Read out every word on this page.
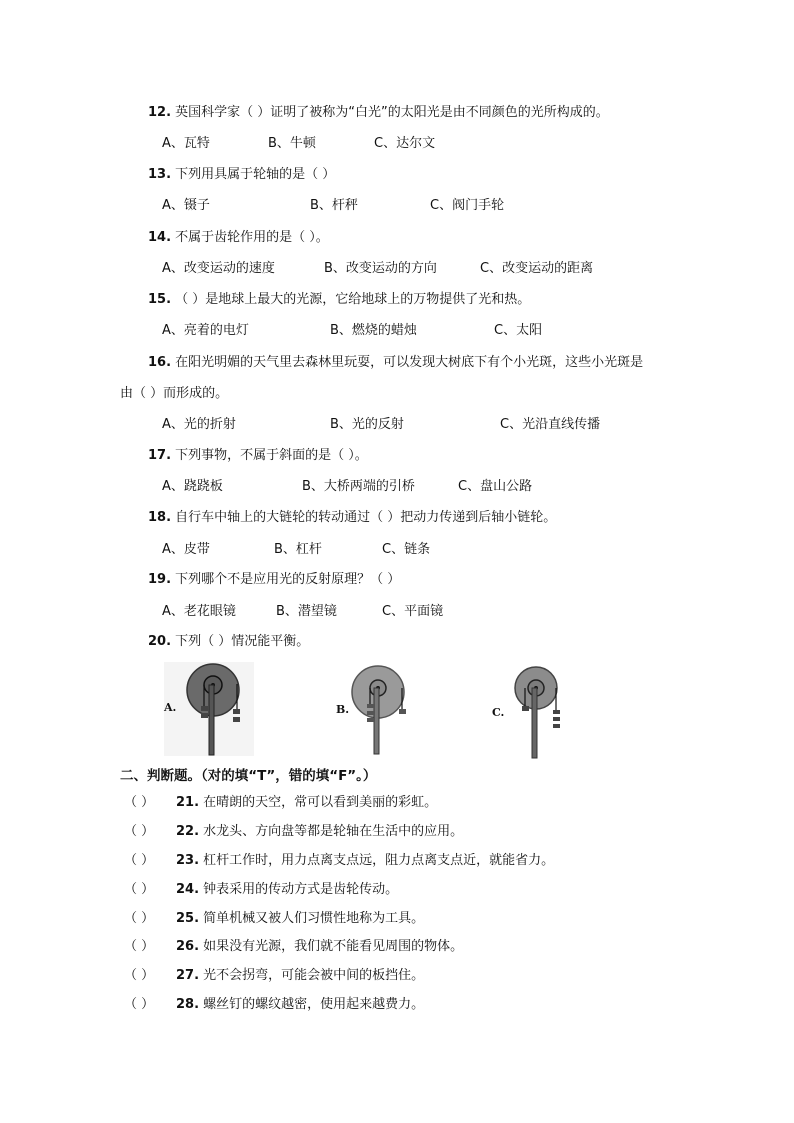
12. 英国科学家（ ）证明了被称为“白光”的太阳光是由不同颜色的光所构成的。
A、瓦特	B、牛顿	C、达尔文
13. 下列用具属于轮轴的是（ ）
A、镊子	B、杆秤	C、阀门手轮
14. 不属于齿轮作用的是（ ）。
A、改变运动的速度	B、改变运动的方向	C、改变运动的距离
15. （ ）是地球上最大的光源，它给地球上的万物提供了光和热。
A、亮着的电灯	B、燃烧的蜡烛	C、太阳
16. 在阳光明媚的天气里去森林里玩耍，可以发现大树底下有个小光斑，这些小光斑是
由（ ）而形成的。
A、光的折射	B、光的反射	C、光沿直线传播
17. 下列事物，不属于斜面的是（ ）。
A、跷跷板	B、大桥两端的引桥	C、盘山公路
18. 自行车中轴上的大链轮的转动通过（ ）把动力传递到后轴小链轮。
A、皮带	B、杠杆	C、链条
19. 下列哪个不是应用光的反射原理？（ ）
A、老花眼镜	B、潜望镜	C、平面镜
20. 下列（ ）情况能平衡。
A.	B.	C.
二、判断题。（对的填“T”，错的填“F”。）
（ ） 21. 在晴朗的天空，常可以看到美丽的彩虹。
（ ） 22. 水龙头、方向盘等都是轮轴在生活中的应用。
（ ） 23. 杠杆工作时，用力点离支点远，阻力点离支点近，就能省力。
（ ） 24. 钟表采用的传动方式是齿轮传动。
（ ） 25. 简单机械又被人们习惯性地称为工具。
（ ） 26. 如果没有光源，我们就不能看见周围的物体。
（ ） 27. 光不会拐弯，可能会被中间的板挡住。
（ ） 28. 螺丝钉的螺纹越密，使用起来越费力。
